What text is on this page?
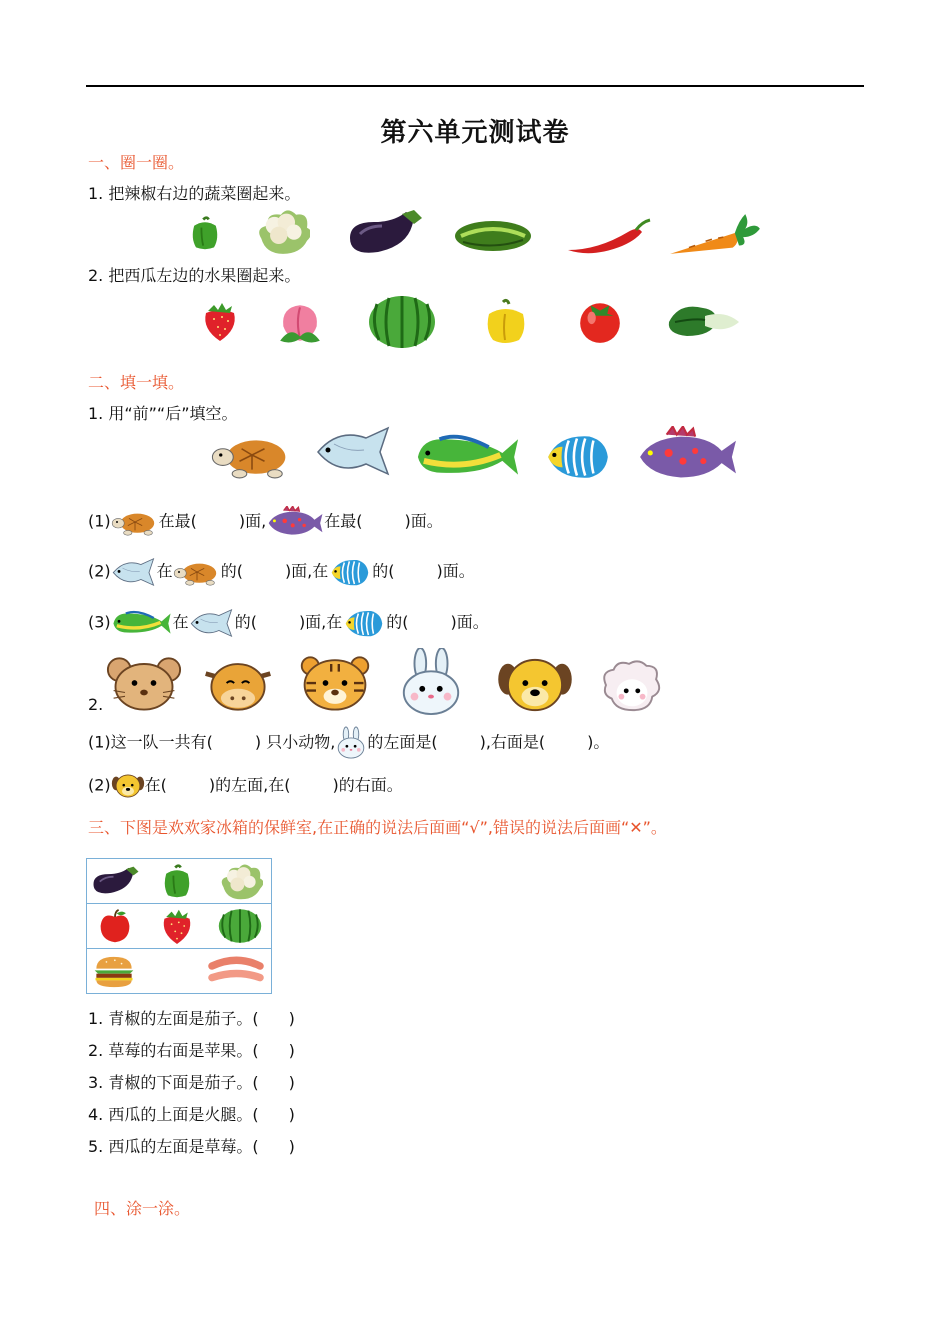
第六单元测试卷
一、圈一圈。
1. 把辣椒右边的蔬菜圈起来。
2. 把西瓜左边的水果圈起来。
二、填一填。
1. 用“前”“后”填空。
(1)	在最(	)面,	在最(	)面。
(2)	在	的(	)面,在	的(	)面。
(3)	在	的(	)面,在	的(	)面。
2.
(1)这一队一共有(	) 只小动物, 的左面是(	),右面是(	)。
(2) 在(	)的左面,在(	)的右面。
三、下图是欢欢家冰箱的保鲜室,在正确的说法后面画“√”,错误的说法后面画“✕”。
1. 青椒的左面是茄子。( )
2. 草莓的右面是苹果。( )
3. 青椒的下面是茄子。( )
4. 西瓜的上面是火腿。( )
5. 西瓜的左面是草莓。( )
四、涂一涂。
